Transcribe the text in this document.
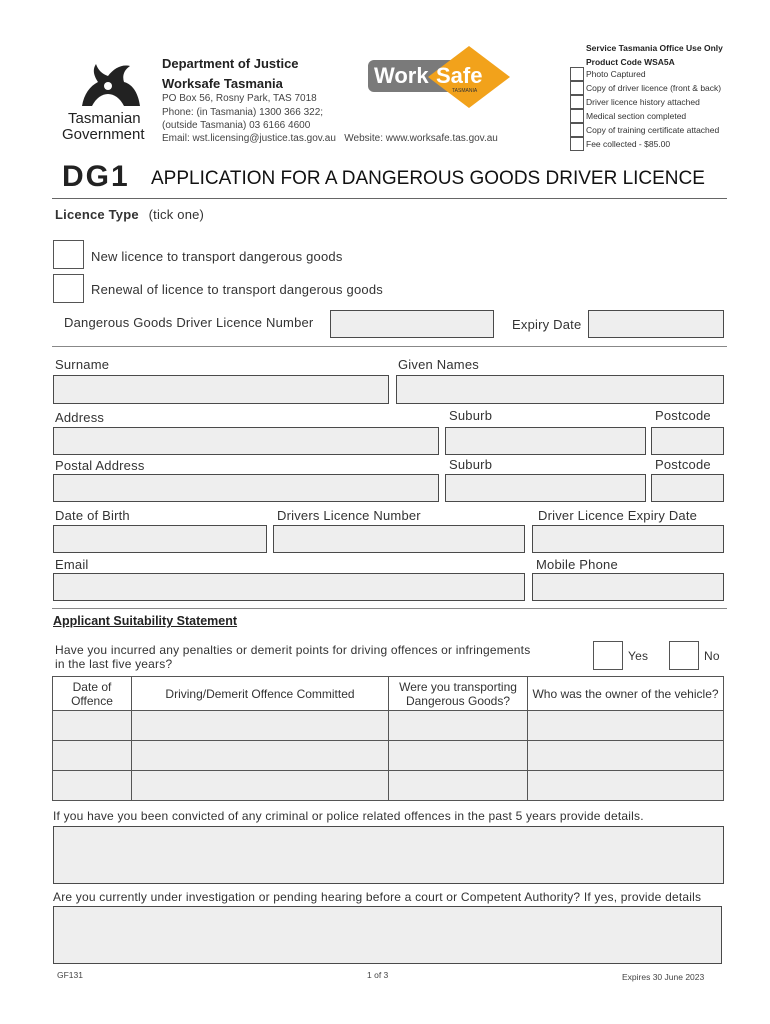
Tasmanian
Government
Department of Justice
Worksafe Tasmania
PO Box 56, Rosny Park, TAS 7018
Phone: (in Tasmania) 1300 366 322;
(outside Tasmania) 03 6166 4600
Email: wst.licensing@justice.tas.gov.au   Website: www.worksafe.tas.gov.au
Work Safe
TASMANIA
Service Tasmania Office Use Only
Product Code WSA5A
Photo Captured
Copy of driver licence (front & back)
Driver licence history attached
Medical section completed
Copy of training certificate attached
Fee collected - $85.00
DG1 APPLICATION FOR A DANGEROUS GOODS DRIVER LICENCE
Licence Type (tick one)
New licence to transport dangerous goods
Renewal of licence to transport dangerous goods
Dangerous Goods Driver Licence Number	Expiry Date
Surname	Given Names
Address	Suburb	Postcode
Postal Address	Suburb	Postcode
Date of Birth	Drivers Licence Number	Driver Licence Expiry Date
Email	Mobile Phone
Applicant Suitability Statement
Have you incurred any penalties or demerit points for driving offences or infringements
in the last five years?
Yes	No
Date of Offence	Driving/Demerit Offence Committed	Were you transporting Dangerous Goods?	Who was the owner of the vehicle?

If you have you been convicted of any criminal or police related offences in the past 5 years provide details.
Are you currently under investigation or pending hearing before a court or Competent Authority? If yes, provide details
GF131	1 of 3	Expires 30 June 2023
